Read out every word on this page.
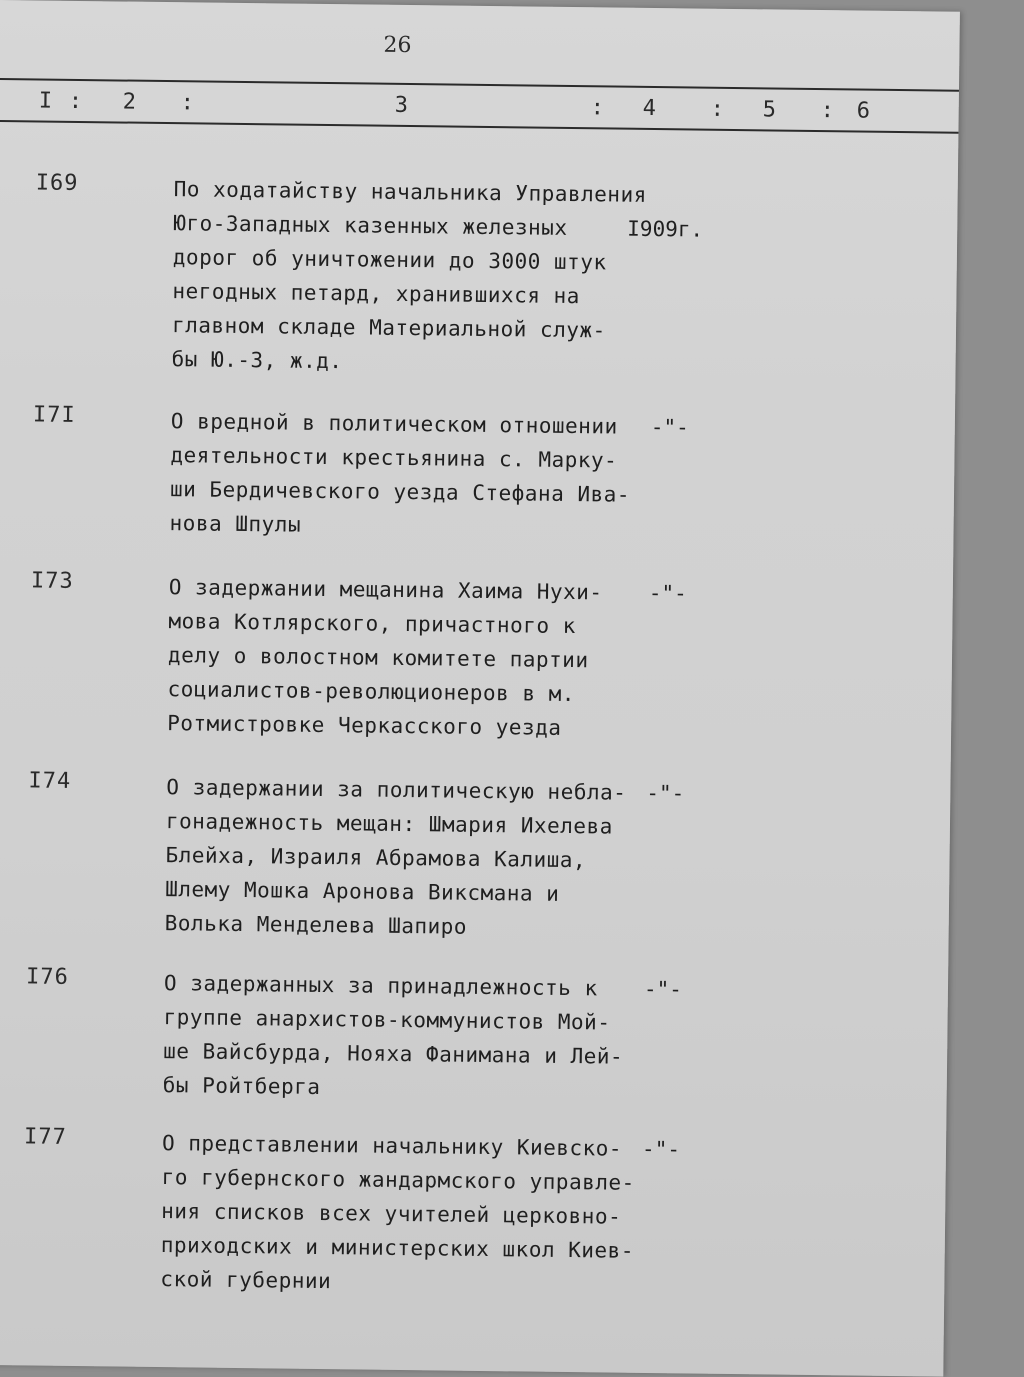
26
I : 2 :	3	: 4 : 5 : 6
I69	По ходатайству начальника Управления
Юго-Западных казенных железных
дорог об уничтожении до 3000 штук
негодных петард, хранившихся на
главном складе Материальной служ-
бы Ю.-З, ж.д.
I909г.
I7I	О вредной в политическом отношении
деятельности крестьянина с. Марку-
ши Бердичевского уезда Стефана Ива-
нова Шпулы
-"-
I73	О задержании мещанина Хаима Нухи-
мова Котлярского, причастного к
делу о волостном комитете партии
социалистов-революционеров в м.
Ротмистровке Черкасского уезда
-"-
I74	О задержании за политическую небла-
гонадежность мещан: Шмария Ихелева
Блейха, Израиля Абрамова Калиша,
Шлему Мошка Аронова Виксмана и
Волька Менделева Шапиро
-"-
I76	О задержанных за принадлежность к
группе анархистов-коммунистов Мой-
ше Вайсбурда, Нояха Фанимана и Лей-
бы Ройтберга
-"-
I77	О представлении начальнику Киевско-
го губернского жандармского управле-
ния списков всех учителей церковно-
приходских и министерских школ Киев-
ской губернии
-"-
